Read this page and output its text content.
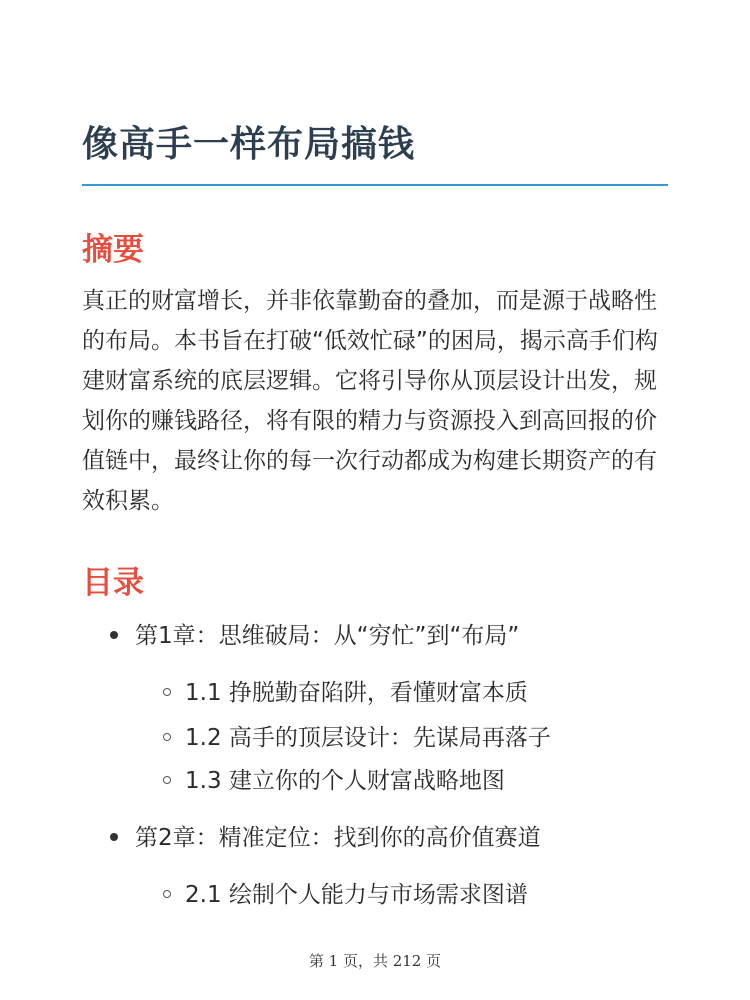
像高手一样布局搞钱
摘要

真正的财富增长，并非依靠勤奋的叠加，而是源于战略性的布局。本书旨在打破“低效忙碌”的困局，揭示高手们构建财富系统的底层逻辑。它将引导你从顶层设计出发，规划你的赚钱路径，将有限的精力与资源投入到高回报的价值链中，最终让你的每一次行动都成为构建长期资产的有效积累。

目录
第1章：思维破局：从“穷忙”到“布局”
1.1 挣脱勤奋陷阱，看懂财富本质
1.2 高手的顶层设计：先谋局再落子
1.3 建立你的个人财富战略地图
第2章：精准定位：找到你的高价值赛道
2.1 绘制个人能力与市场需求图谱
第 1 页，共 212 页
